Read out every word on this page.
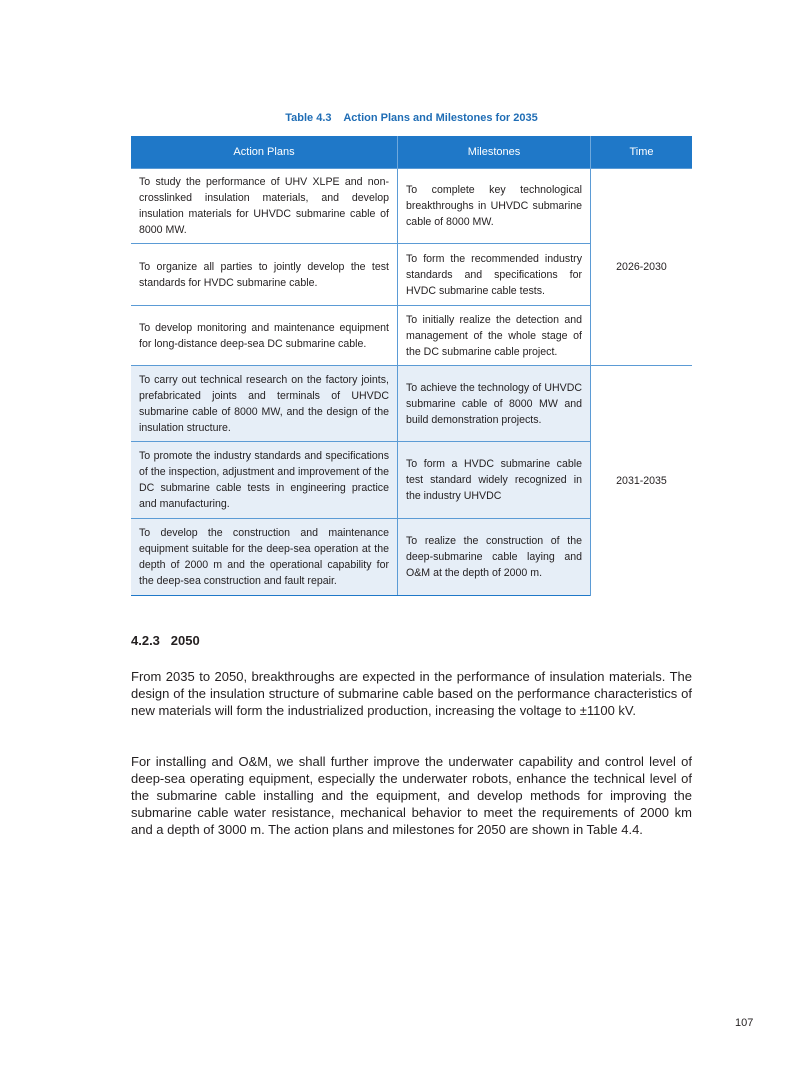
Table 4.3    Action Plans and Milestones for 2035
Action Plans	Milestones	Time
To study the performance of UHV XLPE and non-crosslinked insulation materials, and develop insulation materials for UHVDC submarine cable of 8000 MW.	To complete key technological breakthroughs in UHVDC submarine cable of 8000 MW.	2026-2030
To organize all parties to jointly develop the test standards for HVDC submarine cable.	To form the recommended industry standards and specifications for HVDC submarine cable tests.	
To develop monitoring and maintenance equipment for long-distance deep-sea DC submarine cable.	To initially realize the detection and management of the whole stage of the DC submarine cable project.	
To carry out technical research on the factory joints, prefabricated joints and terminals of UHVDC submarine cable of 8000 MW, and the design of the insulation structure.	To achieve the technology of UHVDC submarine cable of 8000 MW and build demonstration projects.	2031-2035
To promote the industry standards and specifications of the inspection, adjustment and improvement of the DC submarine cable tests in engineering practice and manufacturing.	To form a HVDC submarine cable test standard widely recognized in the industry UHVDC	
To develop the construction and maintenance equipment suitable for the deep-sea operation at the depth of 2000 m and the operational capability for the deep-sea construction and fault repair.	To realize the construction of the deep-submarine cable laying and O&M at the depth of 2000 m.	
4.2.3   2050

From 2035 to 2050, breakthroughs are expected in the performance of insulation materials. The design of the insulation structure of submarine cable based on the performance characteristics of new materials will form the industrialized production, increasing the voltage to ±1100 kV.

For installing and O&M, we shall further improve the underwater capability and control level of deep-sea operating equipment, especially the underwater robots, enhance the technical level of the submarine cable installing and the equipment, and develop methods for improving the submarine cable water resistance, mechanical behavior to meet the requirements of 2000 km and a depth of 3000 m. The action plans and milestones for 2050 are shown in Table 4.4.

107
